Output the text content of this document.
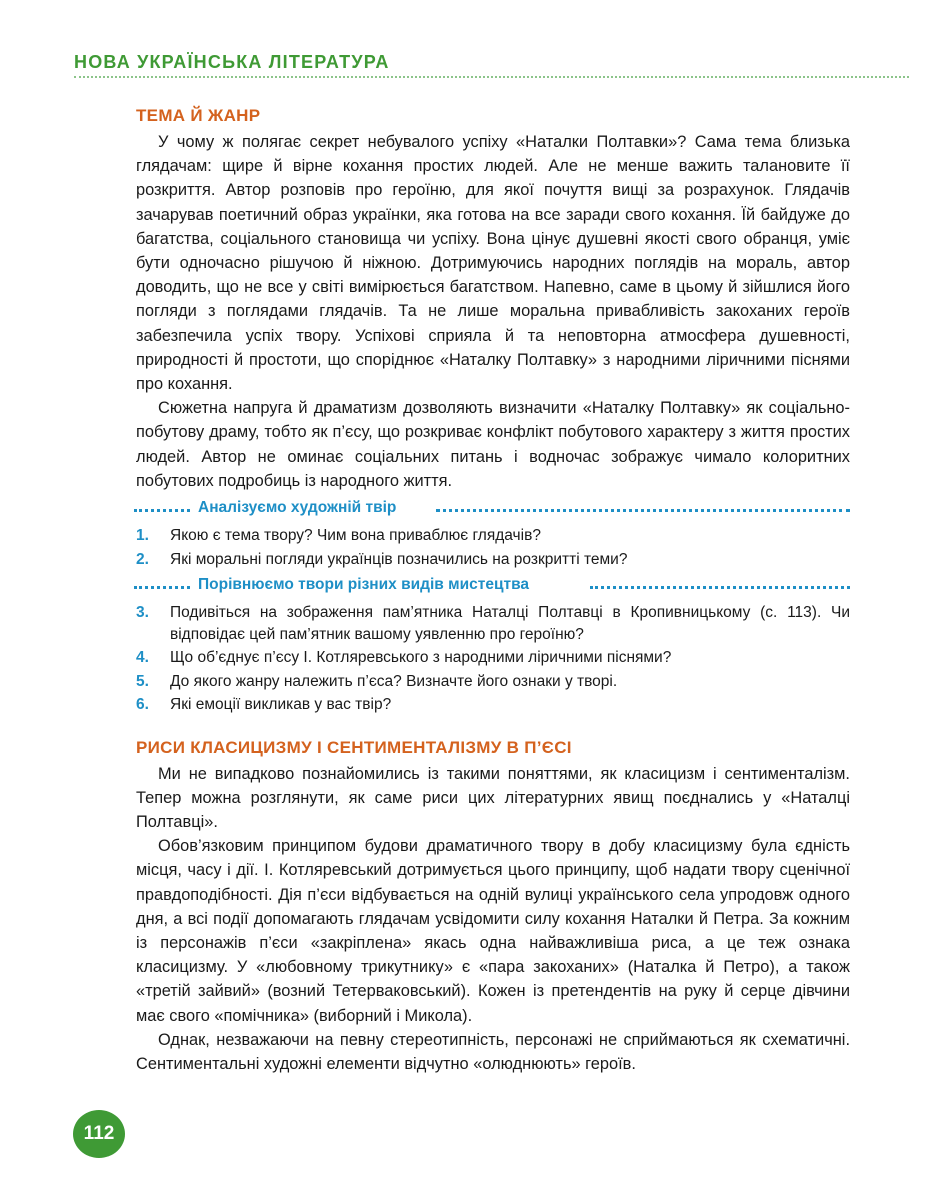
НОВА УКРАЇНСЬКА ЛІТЕРАТУРА
ТЕМА Й ЖАНР

У чому ж полягає секрет небувалого успіху «Наталки Полтавки»? Сама тема близька глядачам: щире й вірне кохання простих людей. Але не менше важить талановите її розкриття. Автор розповів про героїню, для якої почуття вищі за розрахунок. Глядачів зачарував поетичний образ українки, яка готова на все заради свого кохання. Їй байдуже до багатства, соціального становища чи успіху. Вона цінує душевні якості свого обранця, уміє бути одночасно рішучою й ніжною. Дотримуючись народних поглядів на мораль, автор доводить, що не все у світі вимірюється багатством. Напевно, саме в цьому й зійшлися його погляди з поглядами глядачів. Та не лише моральна привабливість закоханих героїв забезпечила успіх твору. Успіхові сприяла й та неповторна атмосфера душевності, природності й простоти, що споріднює «Наталку Полтавку» з народними ліричними піснями про кохання.

Сюжетна напруга й драматизм дозволяють визначити «Наталку Полтавку» як соціально-побутову драму, тобто як п’єсу, що розкриває конфлікт побутового характеру з життя простих людей. Автор не оминає соціальних питань і водночас зображує чимало колоритних побутових подробиць із народного життя.

Аналізуємо художній твір
1. Якою є тема твору? Чим вона приваблює глядачів?
2. Які моральні погляди українців позначились на розкритті теми?
Порівнюємо твори різних видів мистецтва
3. Подивіться на зображення пам’ятника Наталці Полтавці в Кропивницькому (с. 113). Чи відповідає цей пам’ятник вашому уявленню про героїню?
4. Що об’єднує п’єсу І. Котляревського з народними ліричними піснями?
5. До якого жанру належить п’єса? Визначте його ознаки у творі.
6. Які емоції викликав у вас твір?
РИСИ КЛАСИЦИЗМУ І СЕНТИМЕНТАЛІЗМУ В П’ЄСІ

Ми не випадково познайомились із такими поняттями, як класицизм і сентименталізм. Тепер можна розглянути, як саме риси цих літературних явищ поєднались у «Наталці Полтавці».

Обов’язковим принципом будови драматичного твору в добу класицизму була єдність місця, часу і дії. І. Котляревський дотримується цього принципу, щоб надати твору сценічної правдоподібності. Дія п’єси відбувається на одній вулиці українського села упродовж одного дня, а всі події допомагають глядачам усвідомити силу кохання Наталки й Петра. За кожним із персонажів п’єси «закріплена» якась одна найважливіша риса, а це теж ознака класицизму. У «любовному трикутнику» є «пара закоханих» (Наталка й Петро), а також «третій зайвий» (возний Тетерваковський). Кожен із претендентів на руку й серце дівчини має свого «помічника» (виборний і Микола).

Однак, незважаючи на певну стереотипність, персонажі не сприймаються як схематичні. Сентиментальні художні елементи відчутно «олюднюють» героїв.

112
